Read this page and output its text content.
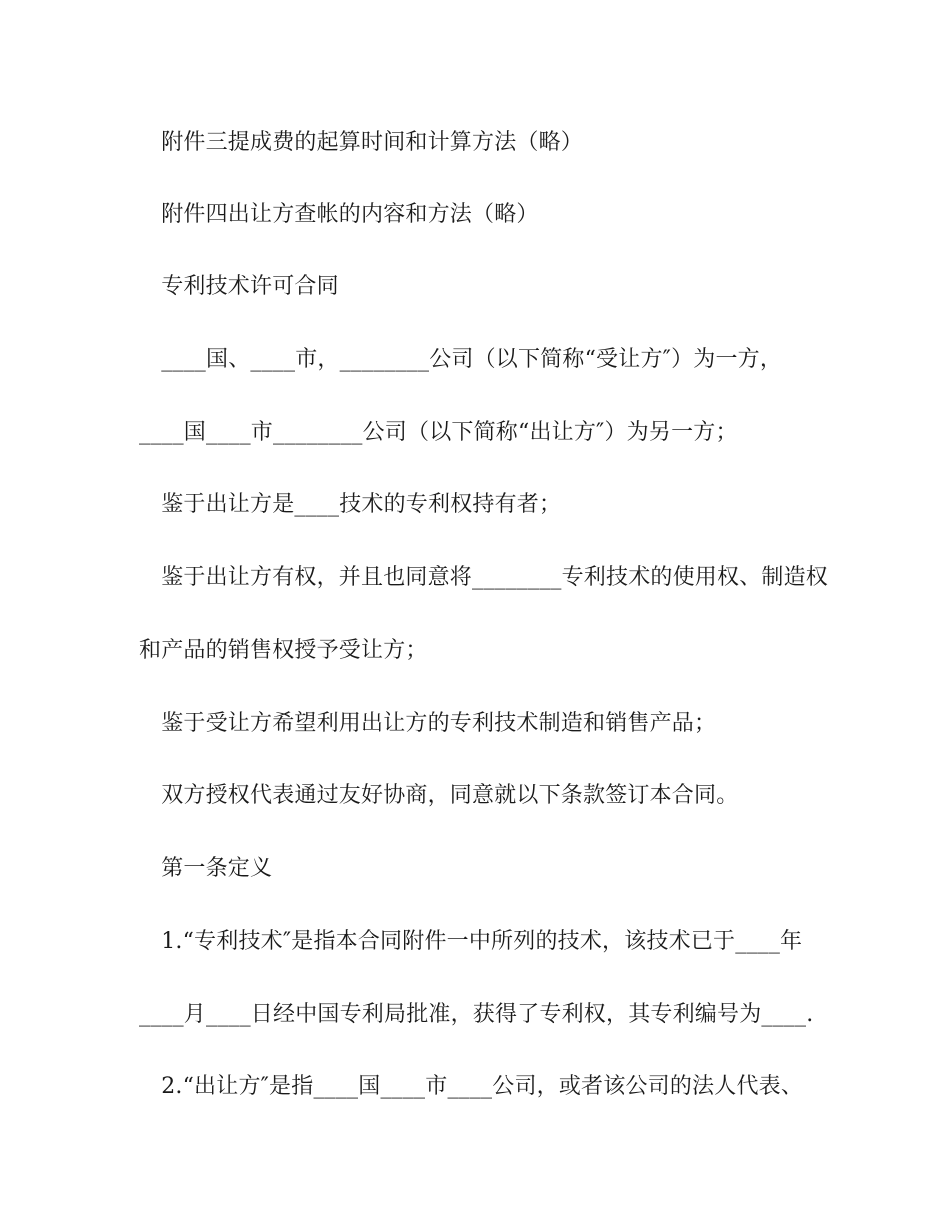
　附件三提成费的起算时间和计算方法（略）
　附件四出让方查帐的内容和方法（略）
　专利技术许可合同
　____国、____市，________公司（以下简称“受让方″）为一方，
____国____市________公司（以下简称“出让方″）为另一方；
　鉴于出让方是____技术的专利权持有者；
　鉴于出让方有权，并且也同意将________专利技术的使用权、制造权
和产品的销售权授予受让方；
　鉴于受让方希望利用出让方的专利技术制造和销售产品；
　双方授权代表通过友好协商，同意就以下条款签订本合同。
　第一条定义
　1.“专利技术″是指本合同附件一中所列的技术，该技术已于____年
____月____日经中国专利局批准，获得了专利权，其专利编号为____.
　2.“出让方″是指____国____市____公司，或者该公司的法人代表、
